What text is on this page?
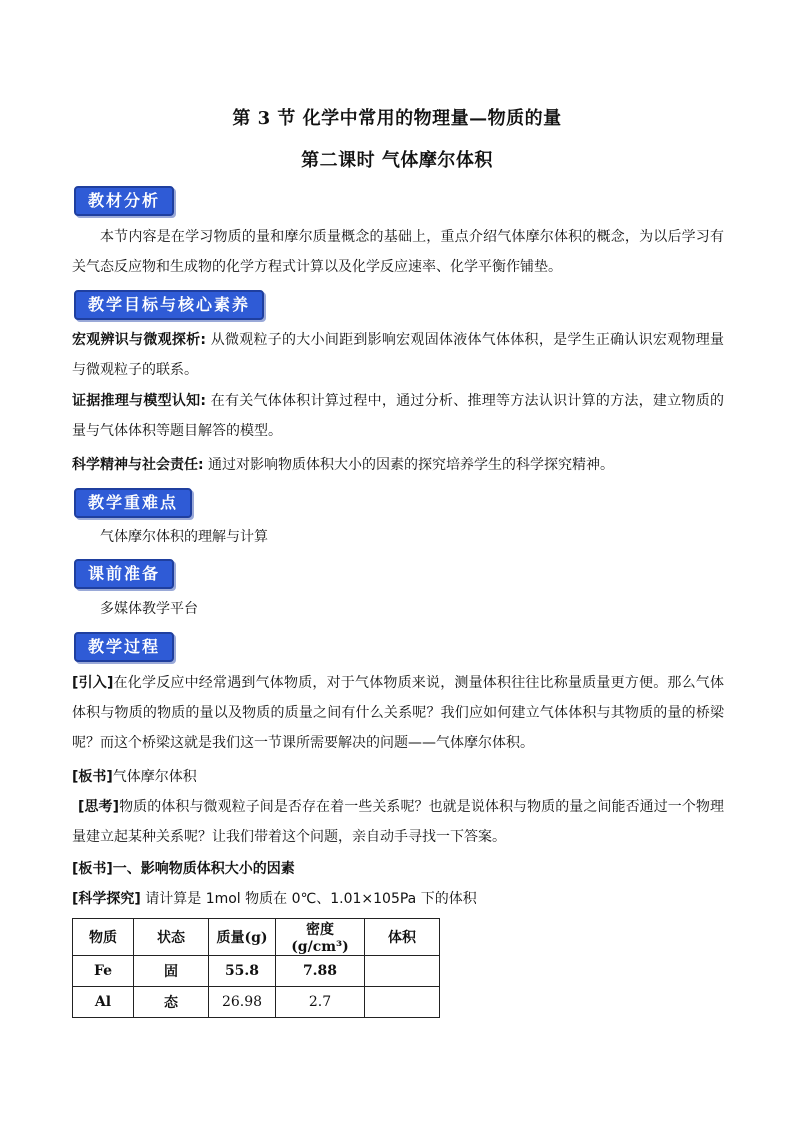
第 3 节 化学中常用的物理量—物质的量
第二课时 气体摩尔体积
教材分析
本节内容是在学习物质的量和摩尔质量概念的基础上，重点介绍气体摩尔体积的概念，为以后学习有关气态反应物和生成物的化学方程式计算以及化学反应速率、化学平衡作铺垫。
教学目标与核心素养
宏观辨识与微观探析: 从微观粒子的大小间距到影响宏观固体液体气体体积，是学生正确认识宏观物理量与微观粒子的联系。
证据推理与模型认知: 在有关气体体积计算过程中，通过分析、推理等方法认识计算的方法，建立物质的量与气体体积等题目解答的模型。
科学精神与社会责任: 通过对影响物质体积大小的因素的探究培养学生的科学探究精神。
教学重难点
气体摩尔体积的理解与计算
课前准备
多媒体教学平台
教学过程
[引入]在化学反应中经常遇到气体物质，对于气体物质来说，测量体积往往比称量质量更方便。那么气体体积与物质的物质的量以及物质的质量之间有什么关系呢？我们应如何建立气体体积与其物质的量的桥梁呢？而这个桥梁这就是我们这一节课所需要解决的问题——气体摩尔体积。
[板书]气体摩尔体积
[思考]物质的体积与微观粒子间是否存在着一些关系呢？也就是说体积与物质的量之间能否通过一个物理量建立起某种关系呢？让我们带着这个问题，亲自动手寻找一下答案。
[板书]一、影响物质体积大小的因素
[科学探究] 请计算是 1mol 物质在 0℃、1.01×105Pa 下的体积
物质	状态	质量(g)	密度 (g/cm³)	体积
Fe	固	55.8	7.88	
Al	态	26.98	2.7	
